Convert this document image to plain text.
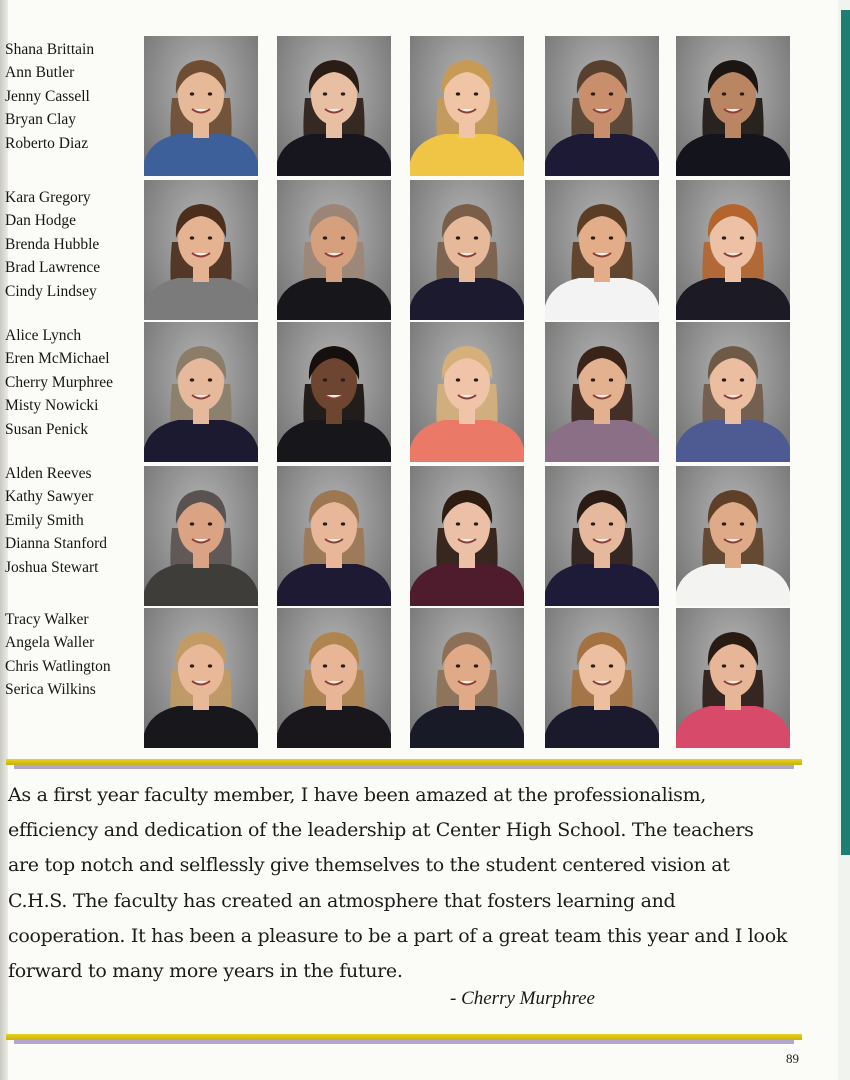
Shana Brittain
Ann Butler
Jenny Cassell
Bryan Clay
Roberto Diaz
Kara Gregory
Dan Hodge
Brenda Hubble
Brad Lawrence
Cindy Lindsey
Alice Lynch
Eren McMichael
Cherry Murphree
Misty Nowicki
Susan Penick
Alden Reeves
Kathy Sawyer
Emily Smith
Dianna Stanford
Joshua Stewart
Tracy Walker
Angela Waller
Chris Watlington
Serica Wilkins
As a first year faculty member, I have been amazed at the professionalism,
efficiency and dedication of the leadership at Center High School. The teachers
are top notch and selflessly give themselves to the student centered vision at
C.H.S. The faculty has created an atmosphere that fosters learning and
cooperation. It has been a pleasure to be a part of a great team this year and I look
forward to many more years in the future.
- Cherry Murphree
89
